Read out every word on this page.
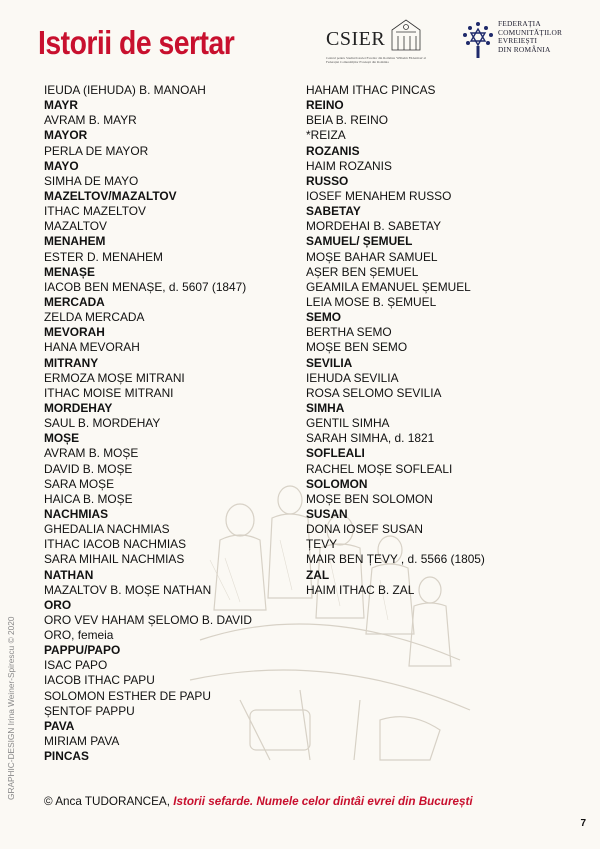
Istorii de sertar	CSIER
Centrul pentru Studiul Istoriei Evreilor din România 'Wilhelm Filderman' al Federației Comunităților Evreiești din România
FEDERAȚIA
COMUNITĂȚILOR
EVREIEȘTI
DIN ROMÂNIA
IEUDA (IEHUDA) B. MANOAH
MAYR
AVRAM B. MAYR
MAYOR
PERLA DE MAYOR
MAYO
SIMHA DE MAYO
MAZELTOV/MAZALTOV
ITHAC MAZELTOV
MAZALTOV
MENAHEM
ESTER D. MENAHEM
MENAȘE
IACOB BEN MENAȘE, d. 5607 (1847)
MERCADA
ZELDA MERCADA
MEVORAH
HANA MEVORAH
MITRANY
ERMOZA MOȘE MITRANI
ITHAC MOISE MITRANI
MORDEHAY
SAUL B. MORDEHAY
MOȘE
AVRAM B. MOȘE
DAVID B. MOȘE
SARA MOȘE
HAICA B. MOȘE
NACHMIAS
GHEDALIA NACHMIAS
ITHAC IACOB NACHMIAS
SARA MIHAIL NACHMIAS
NATHAN
MAZALTOV B. MOȘE NATHAN
ORO
ORO VEV HAHAM ȘELOMO B. DAVID
ORO, femeia
PAPPU/PAPO
ISAC PAPO
IACOB ITHAC PAPU
SOLOMON ESTHER DE PAPU
ȘENTOF PAPPU
PAVA
MIRIAM PAVA
PINCAS
HAHAM ITHAC PINCAS
REINO
BEIA B. REINO
*REIZA
ROZANIS
HAIM ROZANIS
RUSSO
IOSEF MENAHEM RUSSO
SABETAY
MORDEHAI B. SABETAY
SAMUEL/ ȘEMUEL
MOȘE BAHAR SAMUEL
AȘER BEN ȘEMUEL
GEAMILA EMANUEL ȘEMUEL
LEIA MOSE B. ȘEMUEL
SEMO
BERTHA SEMO
MOȘE BEN SEMO
SEVILIA
IEHUDA SEVILIA
ROSA SELOMO SEVILIA
SIMHA
GENTIL SIMHA
SARAH SIMHA, d. 1821
SOFLEALI
RACHEL MOȘE SOFLEALI
SOLOMON
MOȘE BEN SOLOMON
SUSAN
DONA IOSEF SUSAN
ȚEVY
MAIR BEN ȚEVY , d. 5566 (1805)
ZAL
HAIM ITHAC B. ZAL
GRAPHIC-DESIGN Irina Weiner-Spirescu © 2020
© Anca TUDORANCEA, Istorii sefarde. Numele celor dintâi evrei din București
7
